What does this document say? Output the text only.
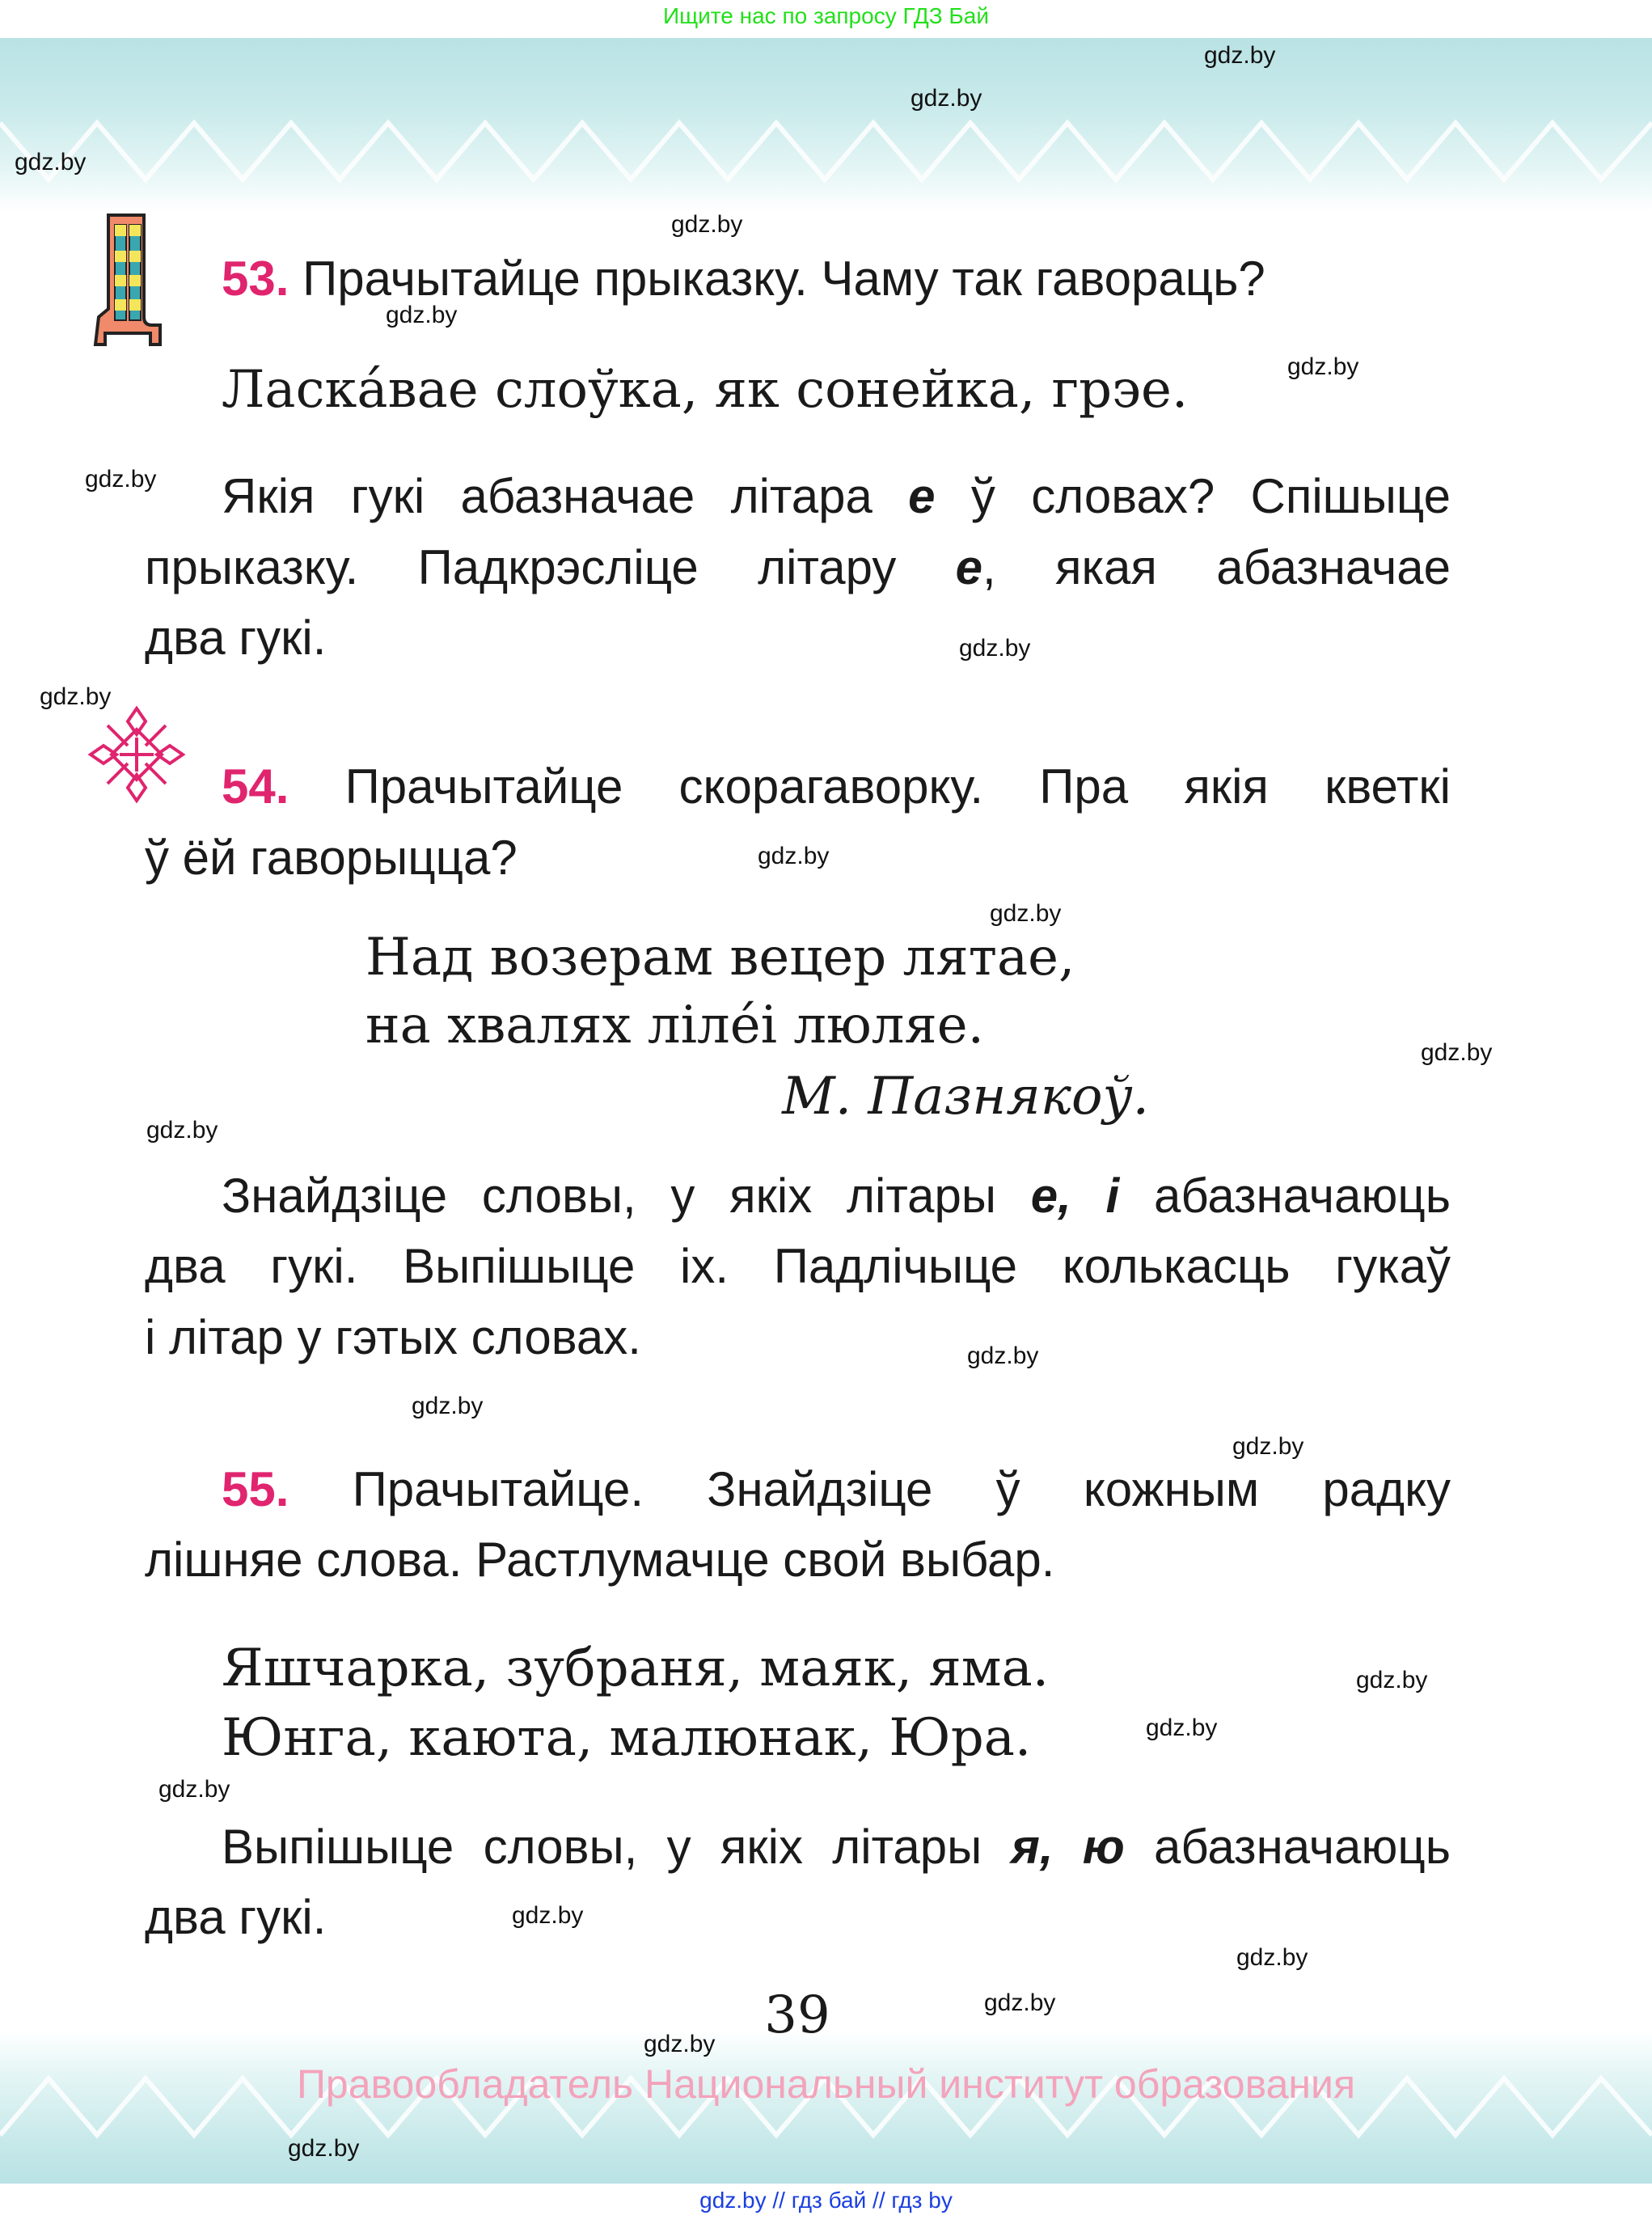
Ищите нас по запросу ГДЗ Бай
53. Прачытайце прыказку. Чаму так гавораць?
Ласка́вае слоўка, як сонейка, грэе.
Якія гукі абазначае літара е ў словах? Спішыце
прыказку. Падкрэсліце літару е, якая абазначае
два гукі.
54. Прачытайце скорагаворку. Пра якія кветкі
ў ёй гаворыцца?
Над возерам вецер лятае,
на хвалях ліле́і люляе.
М. Пазнякоў.
Знайдзіце словы, у якіх літары е, і абазначаюць
два гукі. Выпішыце іх. Падлічыце колькасць гукаў
і літар у гэтых словах.
55. Прачытайце. Знайдзіце ў кожным радку
лішняе слова. Растлумачце свой выбар.
Яшчарка, зубраня, маяк, яма.
Юнга, каюта, малюнак, Юра.
Выпішыце словы, у якіх літары я, ю абазначаюць
два гукі.
39
Правообладатель Национальный институт образования
gdz.by // гдз бай // гдз by
gdz.by
gdz.by
gdz.by
gdz.by
gdz.by
gdz.by
gdz.by
gdz.by
gdz.by
gdz.by
gdz.by
gdz.by
gdz.by
gdz.by
gdz.by
gdz.by
gdz.by
gdz.by
gdz.by
gdz.by
gdz.by
gdz.by
gdz.by
gdz.by
